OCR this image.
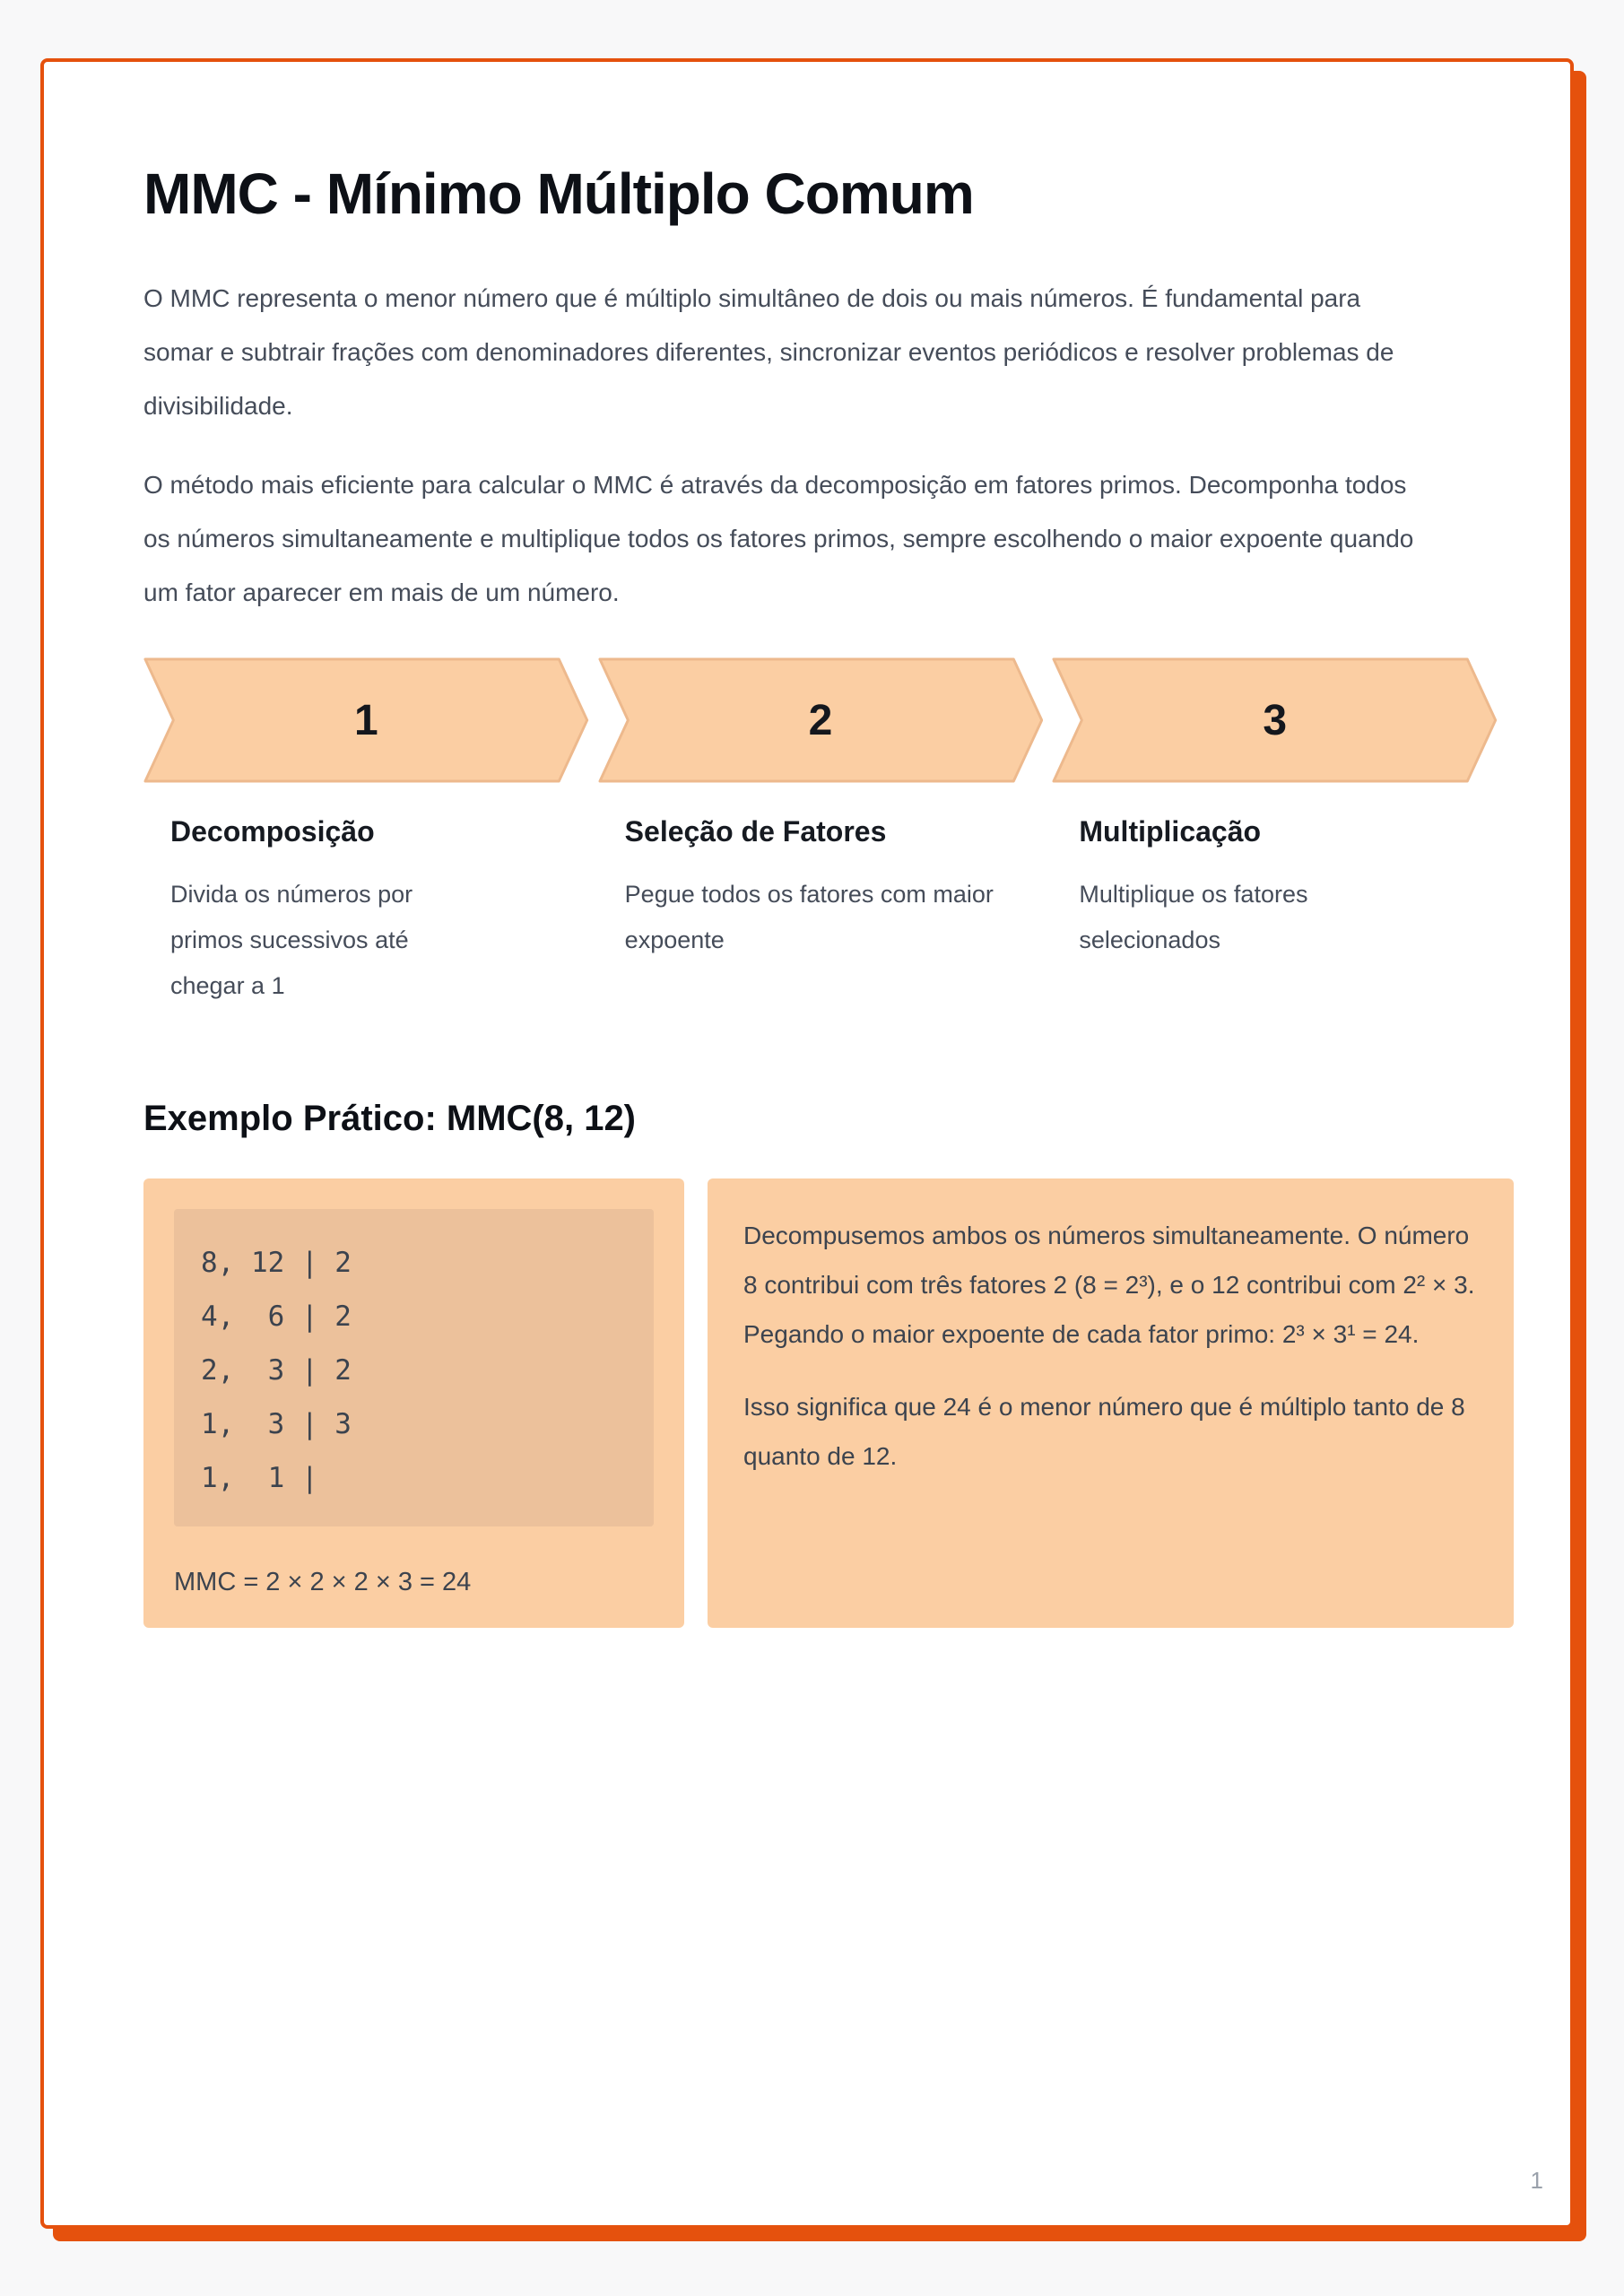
MMC - Mínimo Múltiplo Comum

O MMC representa o menor número que é múltiplo simultâneo de dois ou mais números. É fundamental para somar e subtrair frações com denominadores diferentes, sincronizar eventos periódicos e resolver problemas de divisibilidade.

O método mais eficiente para calcular o MMC é através da decomposição em fatores primos. Decomponha todos os números simultaneamente e multiplique todos os fatores primos, sempre escolhendo o maior expoente quando um fator aparecer em mais de um número.

1	2	3
Decomposição

Divida os números por primos sucessivos até chegar a 1

Seleção de Fatores

Pegue todos os fatores com maior expoente

Multiplicação

Multiplique os fatores selecionados

Exemplo Prático: MMC(8, 12)
8, 12 | 2
4,  6 | 2
2,  3 | 2
1,  3 | 3
1,  1 |
MMC = 2 × 2 × 2 × 3 = 24

Decompusemos ambos os números simultaneamente. O número 8 contribui com três fatores 2 (8 = 2³), e o 12 contribui com 2² × 3. Pegando o maior expoente de cada fator primo: 2³ × 3¹ = 24.

Isso significa que 24 é o menor número que é múltiplo tanto de 8 quanto de 12.

1
